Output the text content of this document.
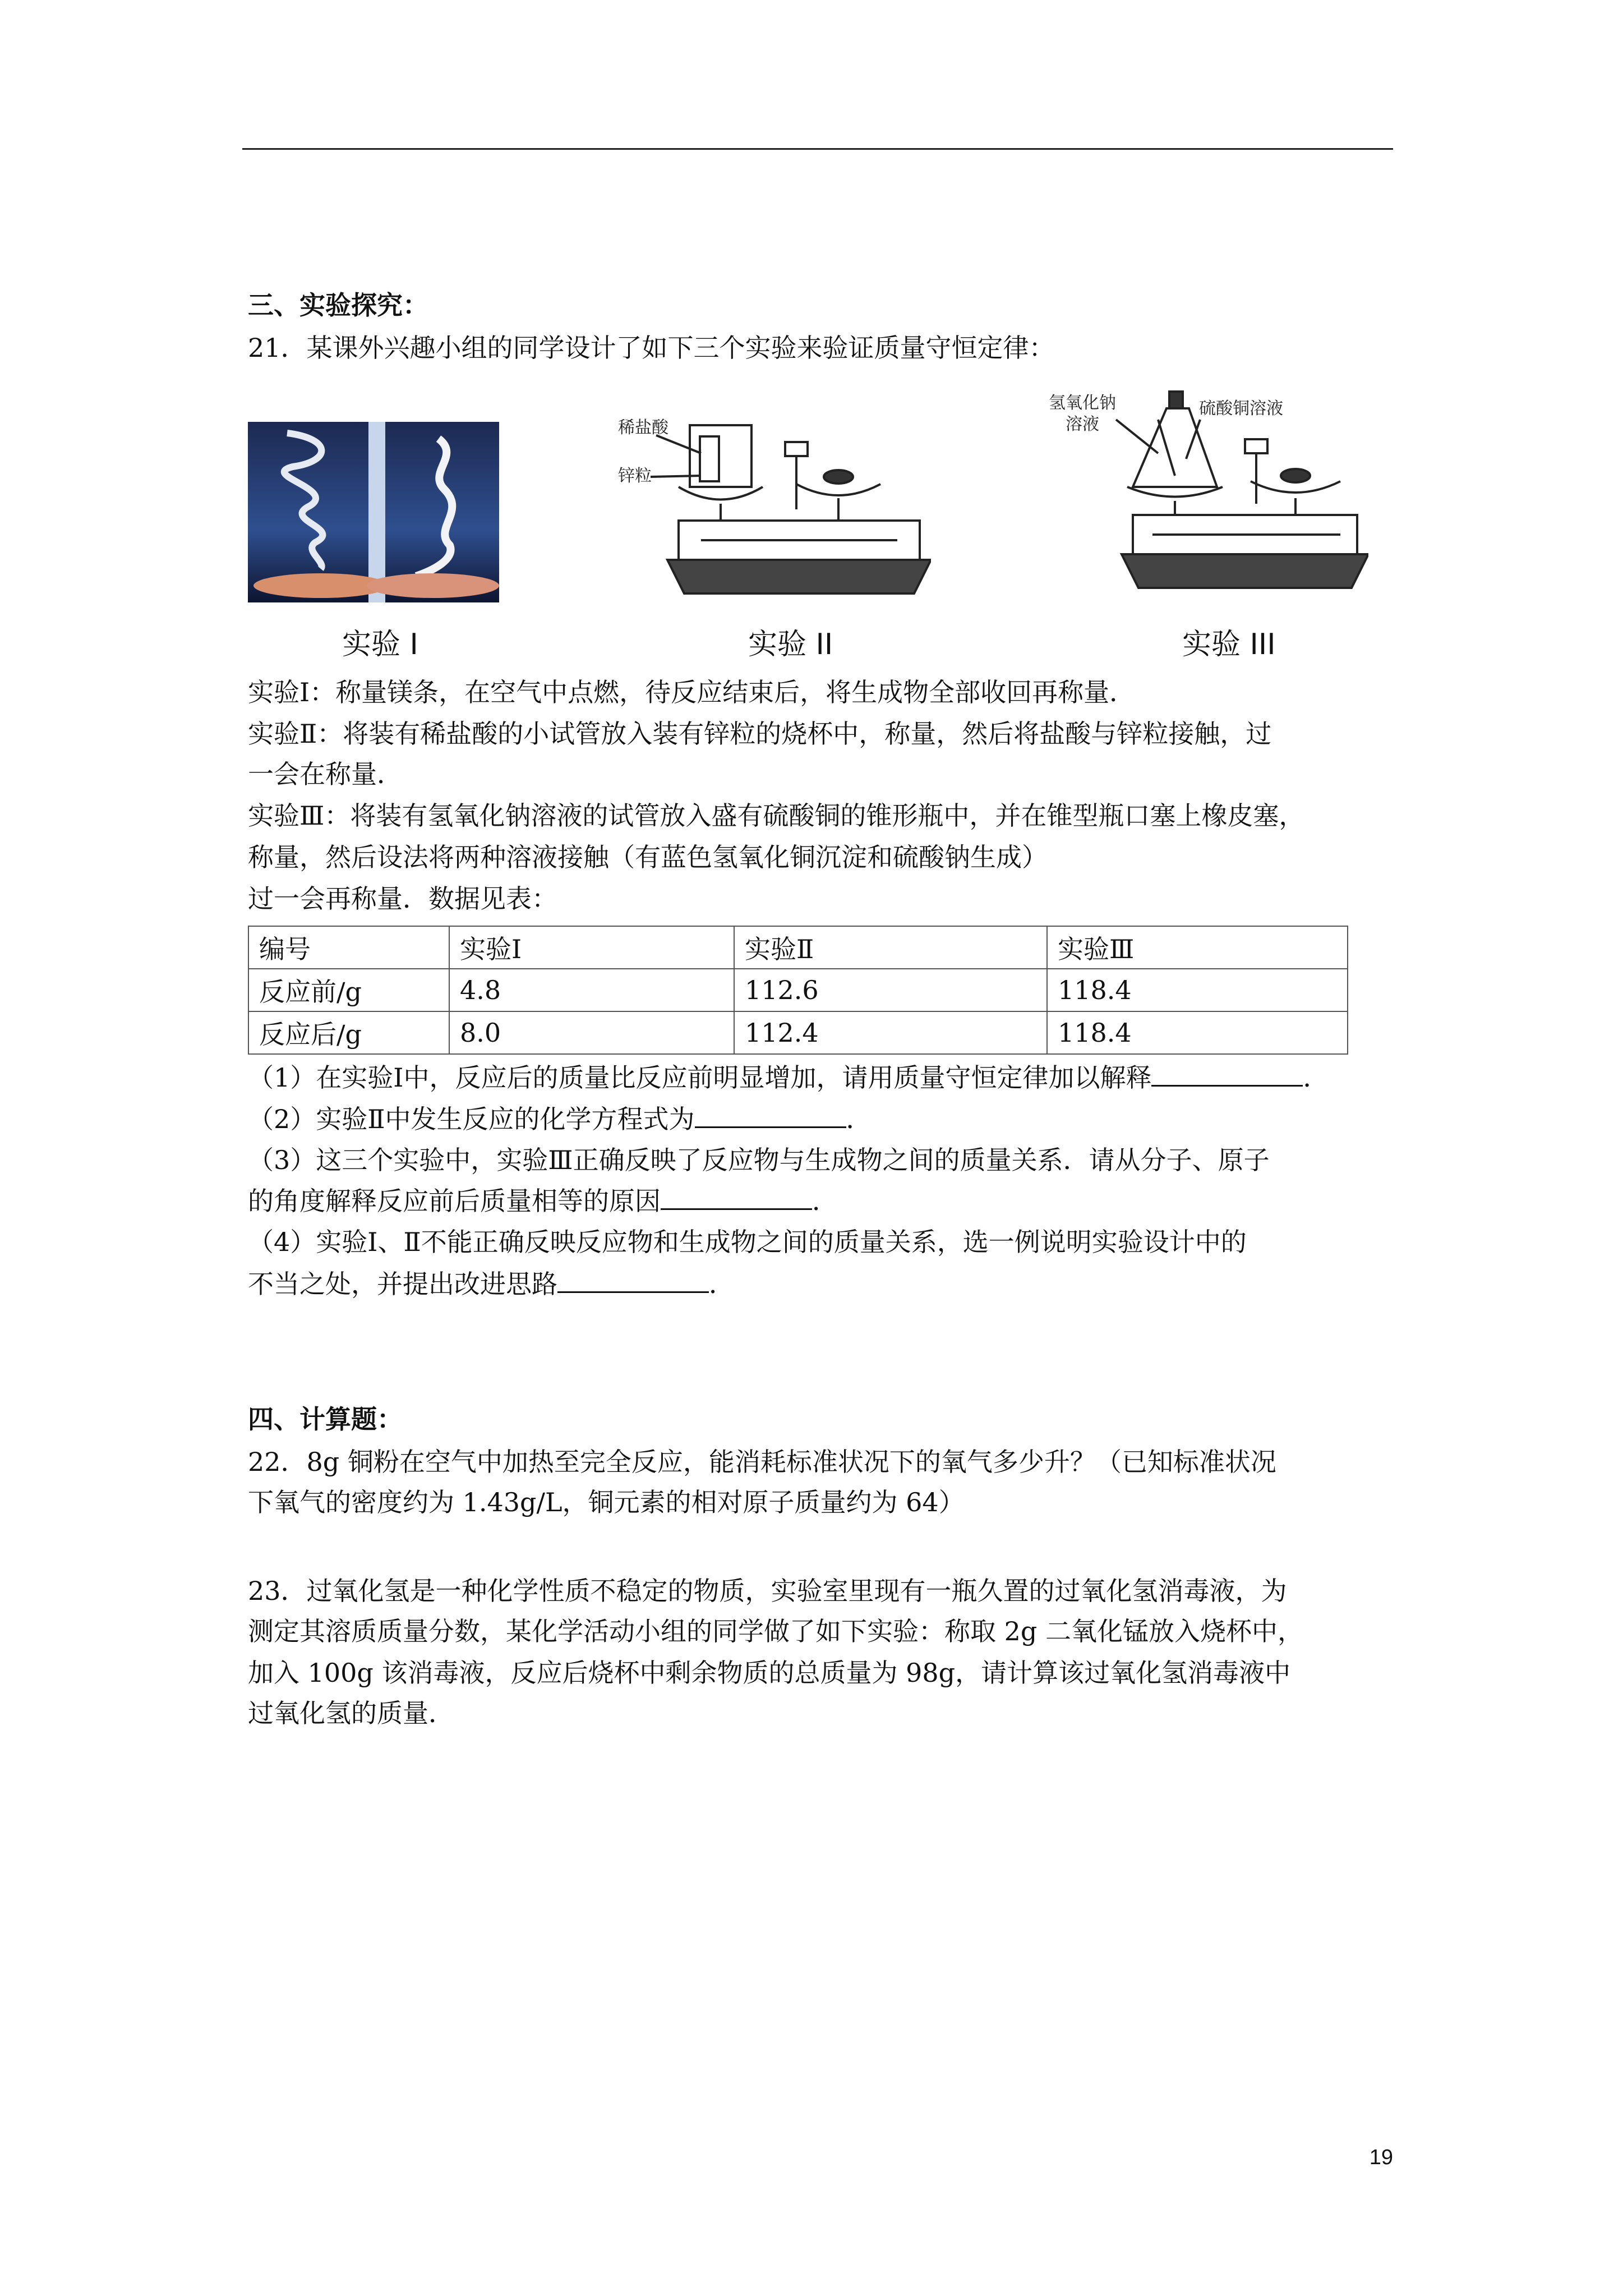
三、实验探究：
21．某课外兴趣小组的同学设计了如下三个实验来验证质量守恒定律：
实验 I
稀盐酸
锌粒
实验 II
氢氧化钠
溶液
硫酸铜溶液
实验 III
实验Ⅰ：称量镁条，在空气中点燃，待反应结束后，将生成物全部收回再称量．
实验Ⅱ：将装有稀盐酸的小试管放入装有锌粒的烧杯中，称量，然后将盐酸与锌粒接触，过
一会在称量．
实验Ⅲ：将装有氢氧化钠溶液的试管放入盛有硫酸铜的锥形瓶中，并在锥型瓶口塞上橡皮塞，
称量，然后设法将两种溶液接触（有蓝色氢氧化铜沉淀和硫酸钠生成）
过一会再称量．数据见表：
编号	实验Ⅰ	实验Ⅱ	实验Ⅲ
反应前/g	4.8	112.6	118.4
反应后/g	8.0	112.4	118.4
（1）在实验Ⅰ中，反应后的质量比反应前明显增加，请用质量守恒定律加以解释	．
（2）实验Ⅱ中发生反应的化学方程式为	．
（3）这三个实验中，实验Ⅲ正确反映了反应物与生成物之间的质量关系．请从分子、原子
的角度解释反应前后质量相等的原因	．
（4）实验Ⅰ、Ⅱ不能正确反映反应物和生成物之间的质量关系，选一例说明实验设计中的
不当之处，并提出改进思路	．
四、计算题：
22．8g 铜粉在空气中加热至完全反应，能消耗标准状况下的氧气多少升？（已知标准状况
下氧气的密度约为 1.43g/L，铜元素的相对原子质量约为 64）
23．过氧化氢是一种化学性质不稳定的物质，实验室里现有一瓶久置的过氧化氢消毒液，为
测定其溶质质量分数，某化学活动小组的同学做了如下实验：称取 2g 二氧化锰放入烧杯中，
加入 100g 该消毒液，反应后烧杯中剩余物质的总质量为 98g，请计算该过氧化氢消毒液中
过氧化氢的质量．
19
